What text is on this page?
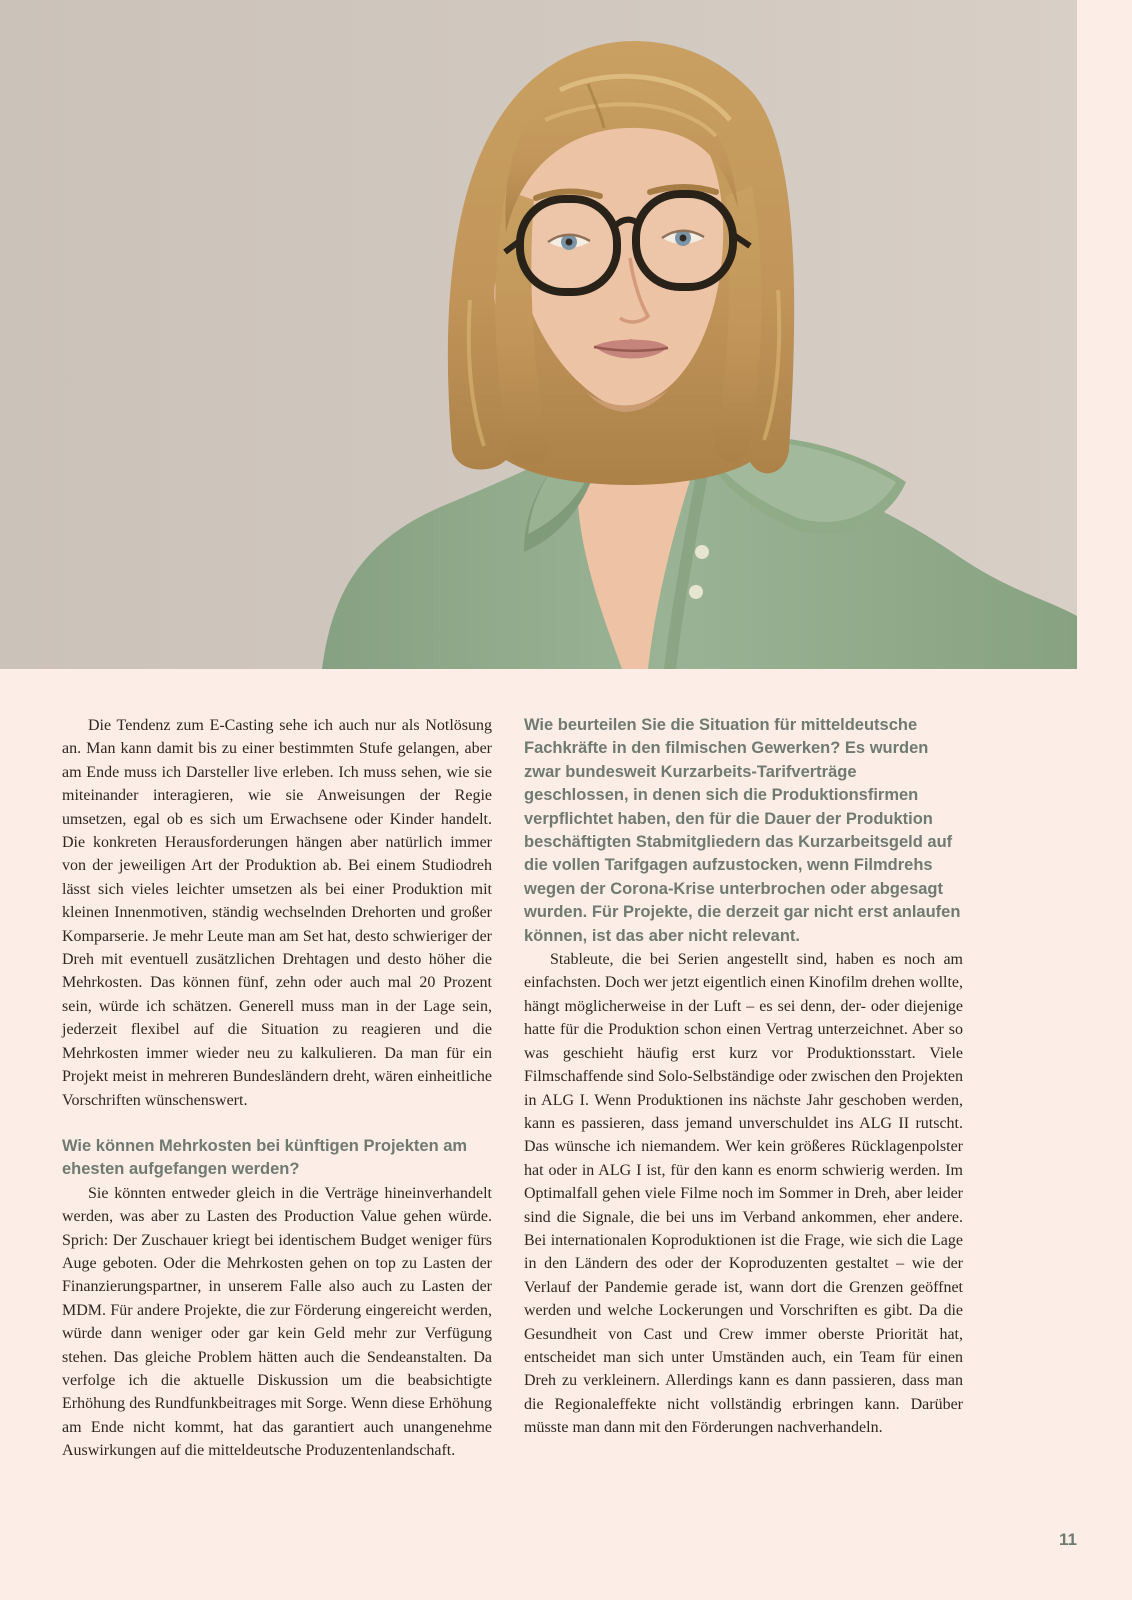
Die Tendenz zum E-Casting sehe ich auch nur als Notlösung an. Man kann damit bis zu einer bestimmten Stufe gelangen, aber am Ende muss ich Darsteller live erleben. Ich muss sehen, wie sie miteinander interagieren, wie sie Anweisungen der Regie umsetzen, egal ob es sich um Erwachsene oder Kinder handelt. Die konkreten Herausforderungen hängen aber natürlich immer von der jeweiligen Art der Produktion ab. Bei einem Studiodreh lässt sich vieles leichter umsetzen als bei einer Produktion mit kleinen Innenmotiven, ständig wechselnden Drehorten und großer Komparserie. Je mehr Leute man am Set hat, desto schwieriger der Dreh mit eventuell zusätzlichen Drehtagen und desto höher die Mehrkosten. Das können fünf, zehn oder auch mal 20 Prozent sein, würde ich schätzen. Generell muss man in der Lage sein, jederzeit flexibel auf die Situation zu reagieren und die Mehrkosten immer wieder neu zu kalkulieren. Da man für ein Projekt meist in mehreren Bundesländern dreht, wären einheitliche Vorschriften wünschenswert.

Wie können Mehrkosten bei künftigen Projekten am ehesten aufgefangen werden?

Sie könnten entweder gleich in die Verträge hineinverhandelt werden, was aber zu Lasten des Production Value gehen würde. Sprich: Der Zuschauer kriegt bei identischem Budget weniger fürs Auge geboten. Oder die Mehrkosten gehen on top zu Lasten der Finanzierungspartner, in unserem Falle also auch zu Lasten der MDM. Für andere Projekte, die zur Förderung eingereicht werden, würde dann weniger oder gar kein Geld mehr zur Verfügung stehen. Das gleiche Problem hätten auch die Sendeanstalten. Da verfolge ich die aktuelle Diskussion um die beabsichtigte Erhöhung des Rundfunkbeitrages mit Sorge. Wenn diese Erhöhung am Ende nicht kommt, hat das garantiert auch unangenehme Auswirkungen auf die mitteldeutsche Produzentenlandschaft.

Wie beurteilen Sie die Situation für mitteldeutsche Fachkräfte in den filmischen Gewerken? Es wurden zwar bundesweit Kurzarbeits-Tarifverträge geschlossen, in denen sich die Produktionsfirmen verpflichtet haben, den für die Dauer der Produktion beschäftigten Stabmitgliedern das Kurzarbeitsgeld auf die vollen Tarifgagen aufzustocken, wenn Filmdrehs wegen der Corona-Krise unterbrochen oder abgesagt wurden. Für Projekte, die derzeit gar nicht erst anlaufen können, ist das aber nicht relevant.

Stableute, die bei Serien angestellt sind, haben es noch am einfachsten. Doch wer jetzt eigentlich einen Kinofilm drehen wollte, hängt möglicherweise in der Luft – es sei denn, der- oder diejenige hatte für die Produktion schon einen Vertrag unterzeichnet. Aber so was geschieht häufig erst kurz vor Produktionsstart. Viele Filmschaffende sind Solo-Selbständige oder zwischen den Projekten in ALG I. Wenn Produktionen ins nächste Jahr geschoben werden, kann es passieren, dass jemand unverschuldet ins ALG II rutscht. Das wünsche ich niemandem. Wer kein größeres Rücklagenpolster hat oder in ALG I ist, für den kann es enorm schwierig werden. Im Optimalfall gehen viele Filme noch im Sommer in Dreh, aber leider sind die Signale, die bei uns im Verband ankommen, eher andere. Bei internationalen Koproduktionen ist die Frage, wie sich die Lage in den Ländern des oder der Koproduzenten gestaltet – wie der Verlauf der Pandemie gerade ist, wann dort die Grenzen geöffnet werden und welche Lockerungen und Vorschriften es gibt. Da die Gesundheit von Cast und Crew immer oberste Priorität hat, entscheidet man sich unter Umständen auch, ein Team für einen Dreh zu verkleinern. Allerdings kann es dann passieren, dass man die Regionaleffekte nicht vollständig erbringen kann. Darüber müsste man dann mit den Förderungen nachverhandeln.

11
